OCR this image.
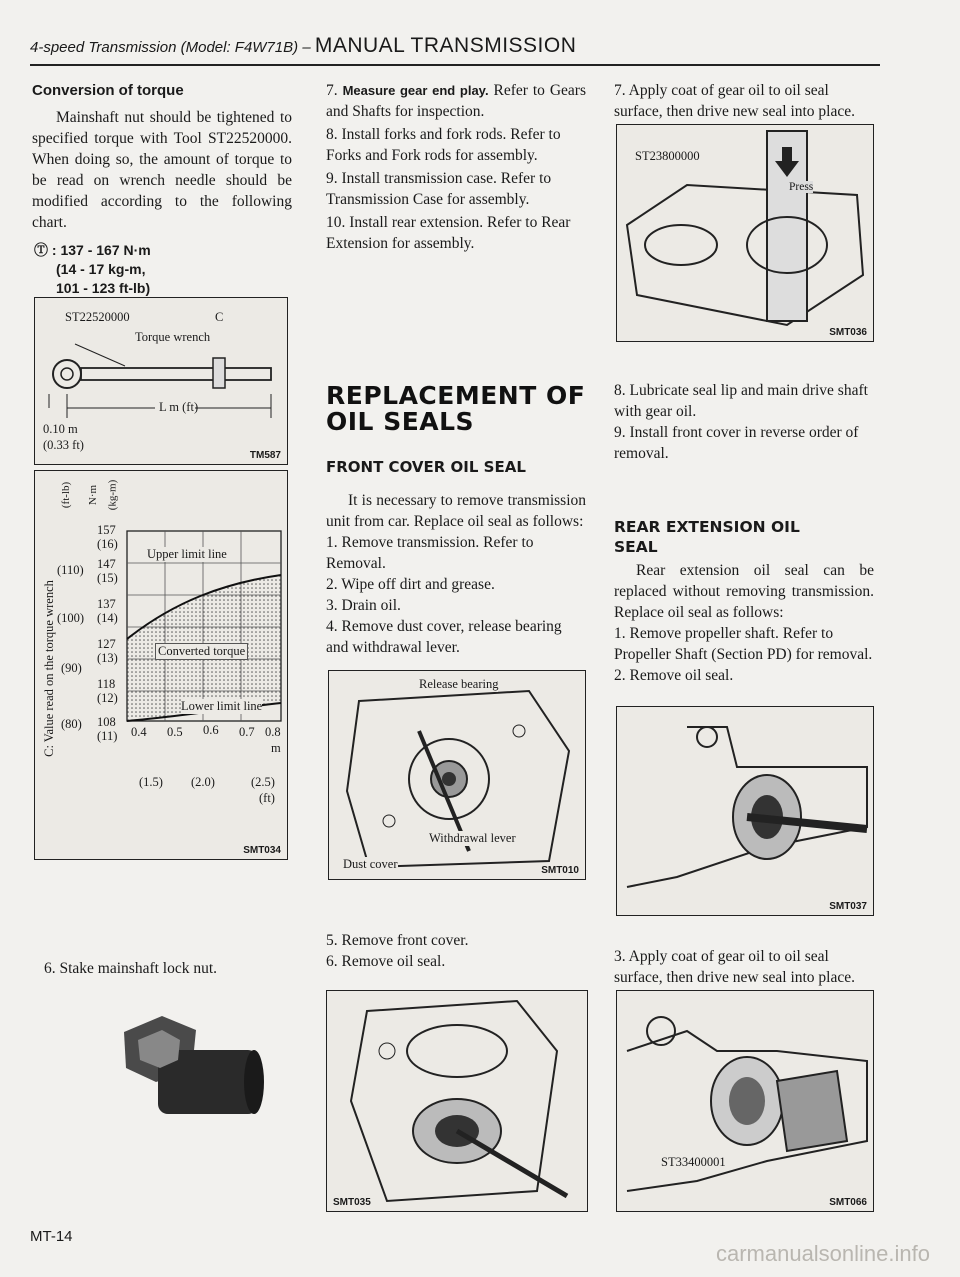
4-speed Transmission (Model: F4W71B) – MANUAL TRANSMISSION

Conversion of torque

Mainshaft nut should be tightened to specified torque with Tool ST22520000. When doing so, the amount of torque to be read on wrench needle should be modified according to the following chart.

Ⓣ : 137 - 167 N·m
(14 - 17 kg-m,
101 - 123 ft-lb)
ST22520000	C
Torque wrench
L m (ft)
0.10 m
(0.33 ft)
TM587
C: Value read on the torque wrench
(ft-lb) N·m (kg-m)
157
(16)
(110) 147
(15)
(100)
137
(14)
127
(13)
(90)
118
(12)
(80) 108
(11) 0.4 0.5 0.6 0.7 0.8
m
(1.5) (2.0)	(2.5)
(ft)
Upper limit line
Converted torque
Lower limit line
SMT034

6. Stake mainshaft lock nut.

7. Measure gear end play. Refer to Gears and Shafts for inspection.

8. Install forks and fork rods. Refer to Forks and Fork rods for assembly.

9. Install transmission case. Refer to Transmission Case for assembly.

10. Install rear extension. Refer to Rear Extension for assembly.

REPLACEMENT OF
OIL SEALS
FRONT COVER OIL SEAL

It is necessary to remove transmission unit from car. Replace oil seal as follows:

1. Remove transmission. Refer to Removal.

2. Wipe off dirt and grease.

3. Drain oil.

4. Remove dust cover, release bearing and withdrawal lever.

Release bearing
Withdrawal lever
Dust cover	SMT010

5. Remove front cover.

6. Remove oil seal.

SMT035

7. Apply coat of gear oil to oil seal surface, then drive new seal into place.

ST23800000
Press
SMT036

8. Lubricate seal lip and main drive shaft with gear oil.

9. Install front cover in reverse order of removal.

REAR EXTENSION OIL
SEAL

Rear extension oil seal can be replaced without removing transmission. Replace oil seal as follows:

1. Remove propeller shaft. Refer to Propeller Shaft (Section PD) for removal.

2. Remove oil seal.

SMT037

3. Apply coat of gear oil to oil seal surface, then drive new seal into place.

ST33400001
SMT066
MT-14
carmanualsonline.info
